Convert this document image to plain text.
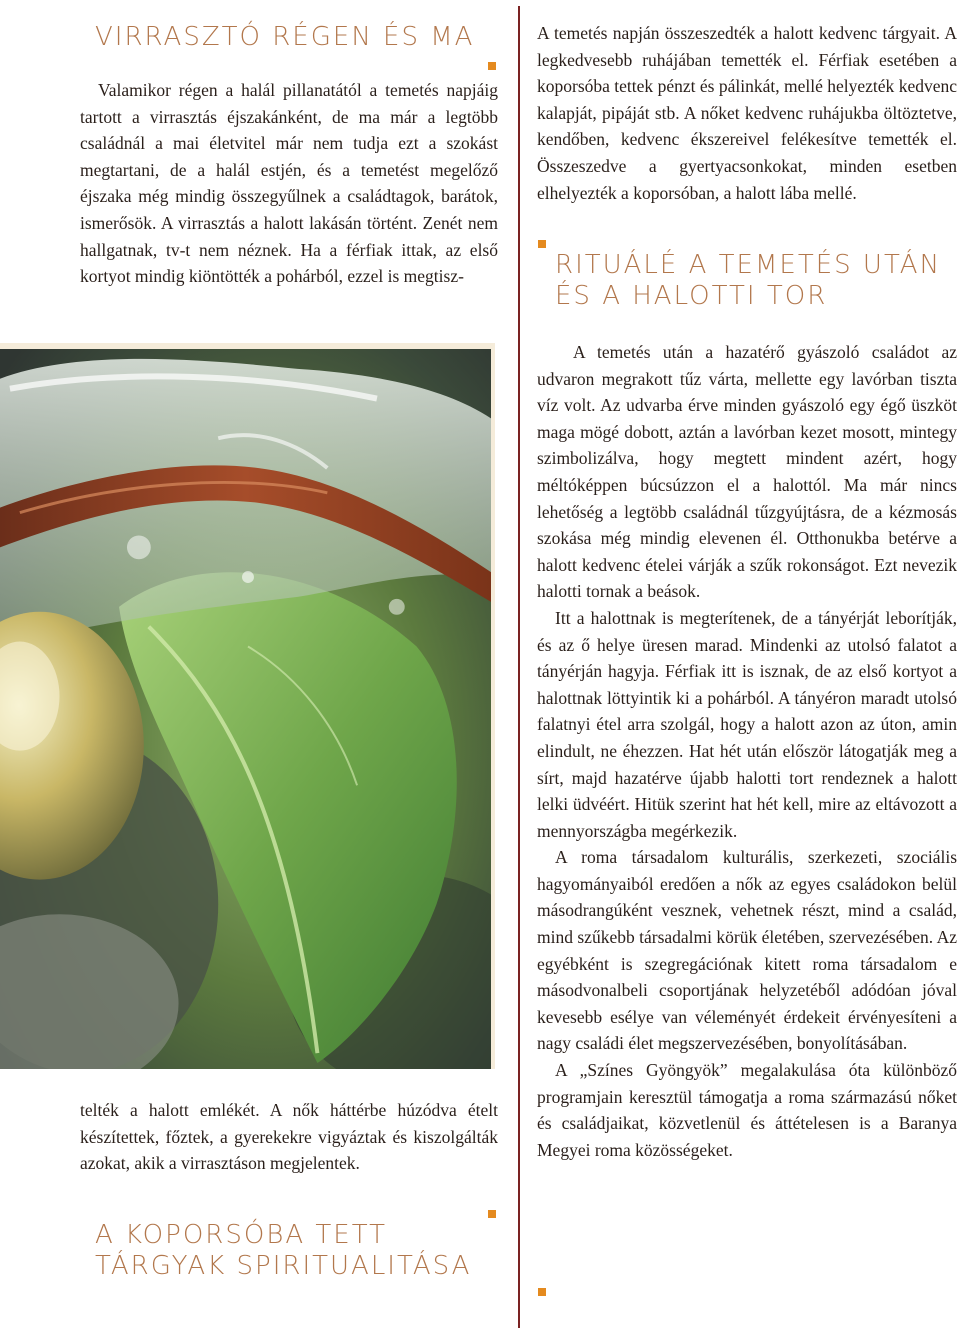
VIRRASZTÓ RÉGEN ÉS MA

Valamikor régen a halál pillanatától a temetés napjáig tartott a virrasztás éjszakánként, de ma már a legtöbb családnál a mai életvitel már nem tudja ezt a szokást megtartani, de a halál estjén, és a temetést megelőző éjszaka még mindig összegyűlnek a családtagok, barátok, ismerősök. A virrasztás a halott lakásán történt. Zenét nem hallgatnak, tv-t nem néznek. Ha a férfiak ittak, az első kortyot mindig kiöntötték a pohárból, ezzel is megtisz-

telték a halott emlékét. A nők háttérbe húzódva ételt készítettek, főztek, a gyerekekre vigyáztak és kiszolgálták azokat, akik a virrasztáson megjelentek.

A KOPORSÓBA TETT
TÁRGYAK SPIRITUALITÁSA

A temetés napján összeszedték a halott kedvenc tárgyait. A legkedvesebb ruhájában temették el. Férfiak esetében a koporsóba tettek pénzt és pálinkát, mellé helyezték kedvenc kalapját, pipáját stb. A nőket kedvenc ruhájukba öltöztetve, kendőben, kedvenc ékszereivel felékesítve temették el. Összeszedve a gyertyacsonkokat, minden esetben elhelyezték a koporsóban, a halott lába mellé.

RITUÁLÉ A TEMETÉS UTÁN
ÉS A HALOTTI TOR

A temetés után a hazatérő gyászoló családot az udvaron megrakott tűz várta, mellette egy lavórban tiszta víz volt. Az udvarba érve minden gyászoló egy égő üszköt maga mögé dobott, aztán a lavórban kezet mosott, mintegy szimbolizálva, hogy megtett mindent azért, hogy méltóképpen búcsúzzon el a halottól. Ma már nincs lehetőség a legtöbb családnál tűzgyújtásra, de a kézmosás szokása még mindig elevenen él. Otthonukba betérve a halott kedvenc ételei várják a szűk rokonságot. Ezt nevezik halotti tornak a beások.

Itt a halottnak is megterítenek, de a tányérját leborítják, és az ő helye üresen marad. Mindenki az utolsó falatot a tányérján hagyja. Férfiak itt is isznak, de az első kortyot a halottnak löttyintik ki a pohárból. A tányéron maradt utolsó falatnyi étel arra szolgál, hogy a halott azon az úton, amin elindult, ne éhezzen. Hat hét után először látogatják meg a sírt, majd hazatérve újabb halotti tort rendeznek a halott lelki üdvéért. Hitük szerint hat hét kell, mire az eltávozott a mennyországba megérkezik.

A roma társadalom kulturális, szerkezeti, szociális hagyományaiból eredően a nők az egyes családokon belül másodrangúként vesznek, vehetnek részt, mind a család, mind szűkebb társadalmi körük életében, szervezésében. Az egyébként is szegregációnak kitett roma társadalom e másodvonalbeli csoportjának helyzetéből adódóan jóval kevesebb esélye van véleményét érdekeit érvényesíteni a nagy családi élet megszervezésében, bonyolításában.

A „Színes Gyöngyök” megalakulása óta különböző programjain keresztül támogatja a roma származású nőket és családjaikat, közvetlenül és áttételesen is a Baranya Megyei roma közösségeket.
